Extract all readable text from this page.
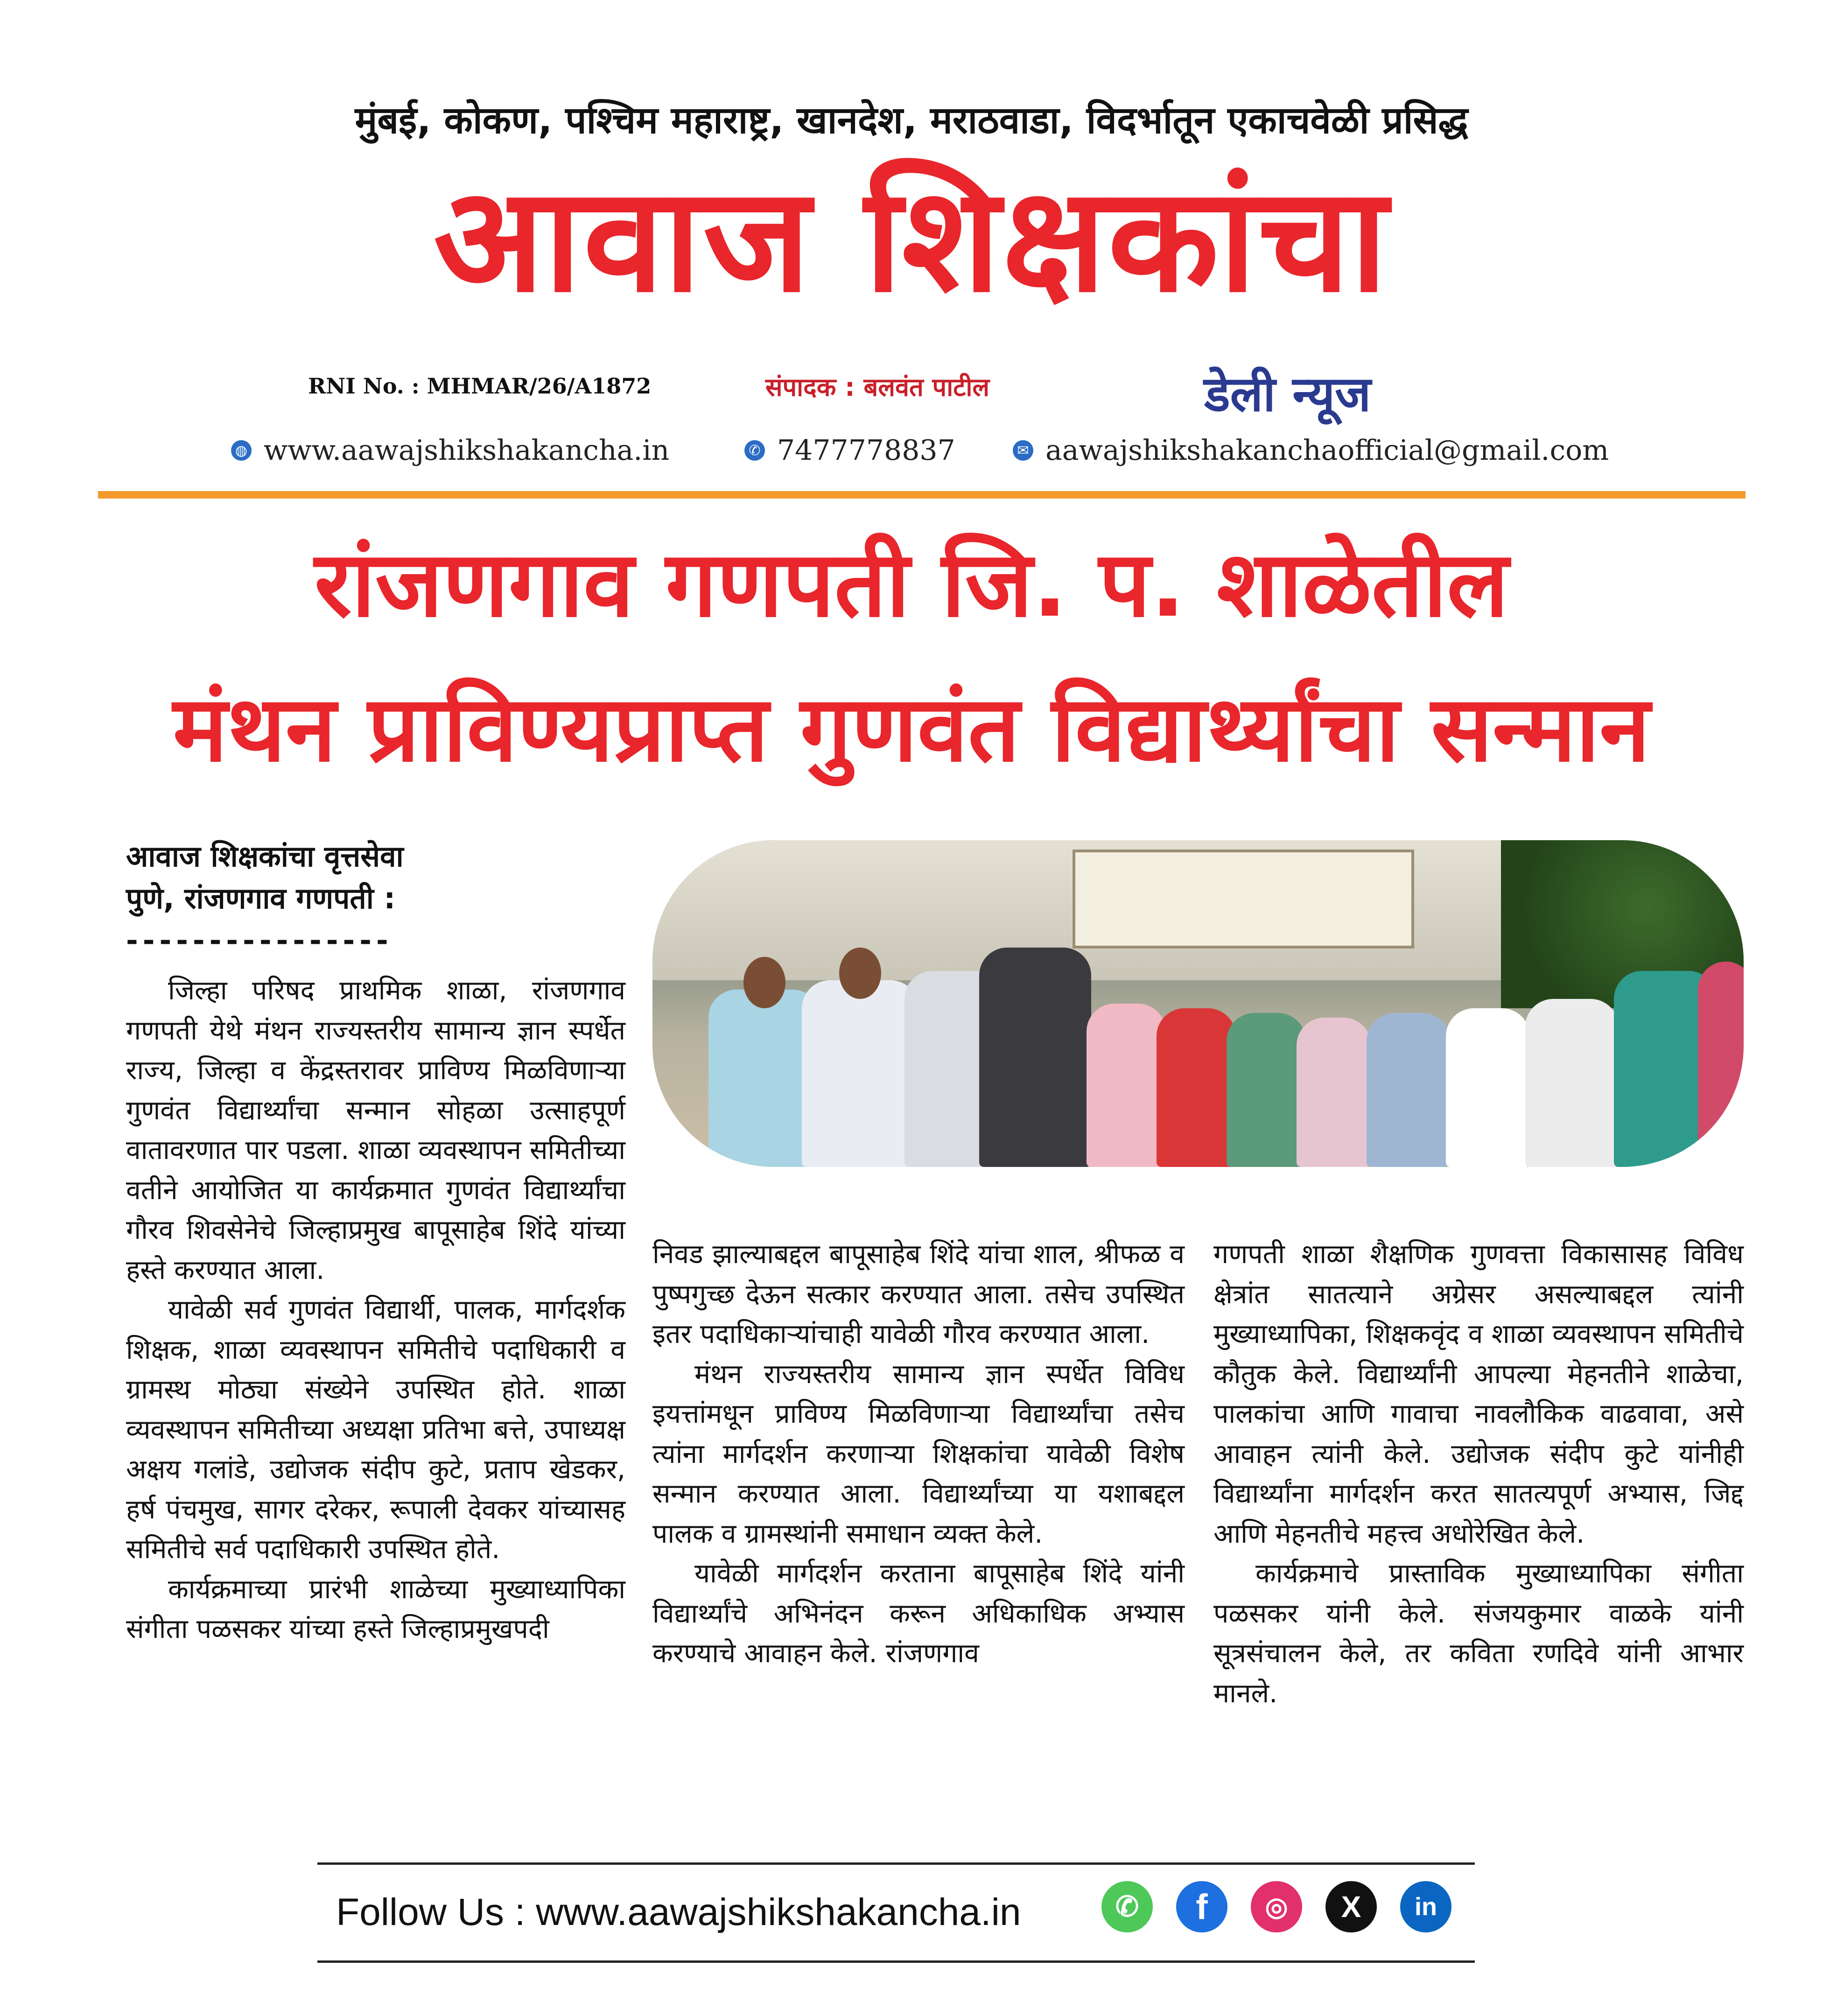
मुंबई, कोकण, पश्चिम महाराष्ट्र, खानदेश, मराठवाडा, विदर्भातून एकाचवेळी प्रसिद्ध
आवाज शिक्षकांचा
RNI No. : MHMAR/26/A1872	संपादक : बलवंत पाटील	डेली न्यूज
◍ www.aawajshikshakancha.in	✆ 7477778837	✉ aawajshikshakanchaofficial@gmail.com
रांजणगाव गणपती जि. प. शाळेतील
मंथन प्राविण्यप्राप्त गुणवंत विद्यार्थ्यांचा सन्मान
आवाज शिक्षकांचा वृत्तसेवा
पुणे, रांजणगाव गणपती :
----------------

जिल्हा परिषद प्राथमिक शाळा, रांजणगाव गणपती येथे मंथन राज्यस्तरीय सामान्य ज्ञान स्पर्धेत राज्य, जिल्हा व केंद्रस्तरावर प्राविण्य मिळविणाऱ्या गुणवंत विद्यार्थ्यांचा सन्मान सोहळा उत्साहपूर्ण वातावरणात पार पडला. शाळा व्यवस्थापन समितीच्या वतीने आयोजित या कार्यक्रमात गुणवंत विद्यार्थ्यांचा गौरव शिवसेनेचे जिल्हाप्रमुख बापूसाहेब शिंदे यांच्या हस्ते करण्यात आला.

यावेळी सर्व गुणवंत विद्यार्थी, पालक, मार्गदर्शक शिक्षक, शाळा व्यवस्थापन समितीचे पदाधिकारी व ग्रामस्थ मोठ्या संख्येने उपस्थित होते. शाळा व्यवस्थापन समितीच्या अध्यक्षा प्रतिभा बत्ते, उपाध्यक्ष अक्षय गलांडे, उद्योजक संदीप कुटे, प्रताप खेडकर, हर्ष पंचमुख, सागर दरेकर, रूपाली देवकर यांच्यासह समितीचे सर्व पदाधिकारी उपस्थित होते.

कार्यक्रमाच्या प्रारंभी शाळेच्या मुख्याध्यापिका संगीता पळसकर यांच्या हस्ते जिल्हाप्रमुखपदी

निवड झाल्याबद्दल बापूसाहेब शिंदे यांचा शाल, श्रीफळ व पुष्पगुच्छ देऊन सत्कार करण्यात आला. तसेच उपस्थित इतर पदाधिकाऱ्यांचाही यावेळी गौरव करण्यात आला.

मंथन राज्यस्तरीय सामान्य ज्ञान स्पर्धेत विविध इयत्तांमधून प्राविण्य मिळविणाऱ्या विद्यार्थ्यांचा तसेच त्यांना मार्गदर्शन करणाऱ्या शिक्षकांचा यावेळी विशेष सन्मान करण्यात आला. विद्यार्थ्यांच्या या यशाबद्दल पालक व ग्रामस्थांनी समाधान व्यक्त केले.

यावेळी मार्गदर्शन करताना बापूसाहेब शिंदे यांनी विद्यार्थ्यांचे अभिनंदन करून अधिकाधिक अभ्यास करण्याचे आवाहन केले. रांजणगाव

गणपती शाळा शैक्षणिक गुणवत्ता विकासासह विविध क्षेत्रांत सातत्याने अग्रेसर असल्याबद्दल त्यांनी मुख्याध्यापिका, शिक्षकवृंद व शाळा व्यवस्थापन समितीचे कौतुक केले. विद्यार्थ्यांनी आपल्या मेहनतीने शाळेचा, पालकांचा आणि गावाचा नावलौकिक वाढवावा, असे आवाहन त्यांनी केले. उद्योजक संदीप कुटे यांनीही विद्यार्थ्यांना मार्गदर्शन करत सातत्यपूर्ण अभ्यास, जिद्द आणि मेहनतीचे महत्त्व अधोरेखित केले.

कार्यक्रमाचे प्रास्ताविक मुख्याध्यापिका संगीता पळसकर यांनी केले. संजयकुमार वाळके यांनी सूत्रसंचालन केले, तर कविता रणदिवे यांनी आभार मानले.

Follow Us : www.aawajshikshakancha.in	✆	f	◎	X	in
